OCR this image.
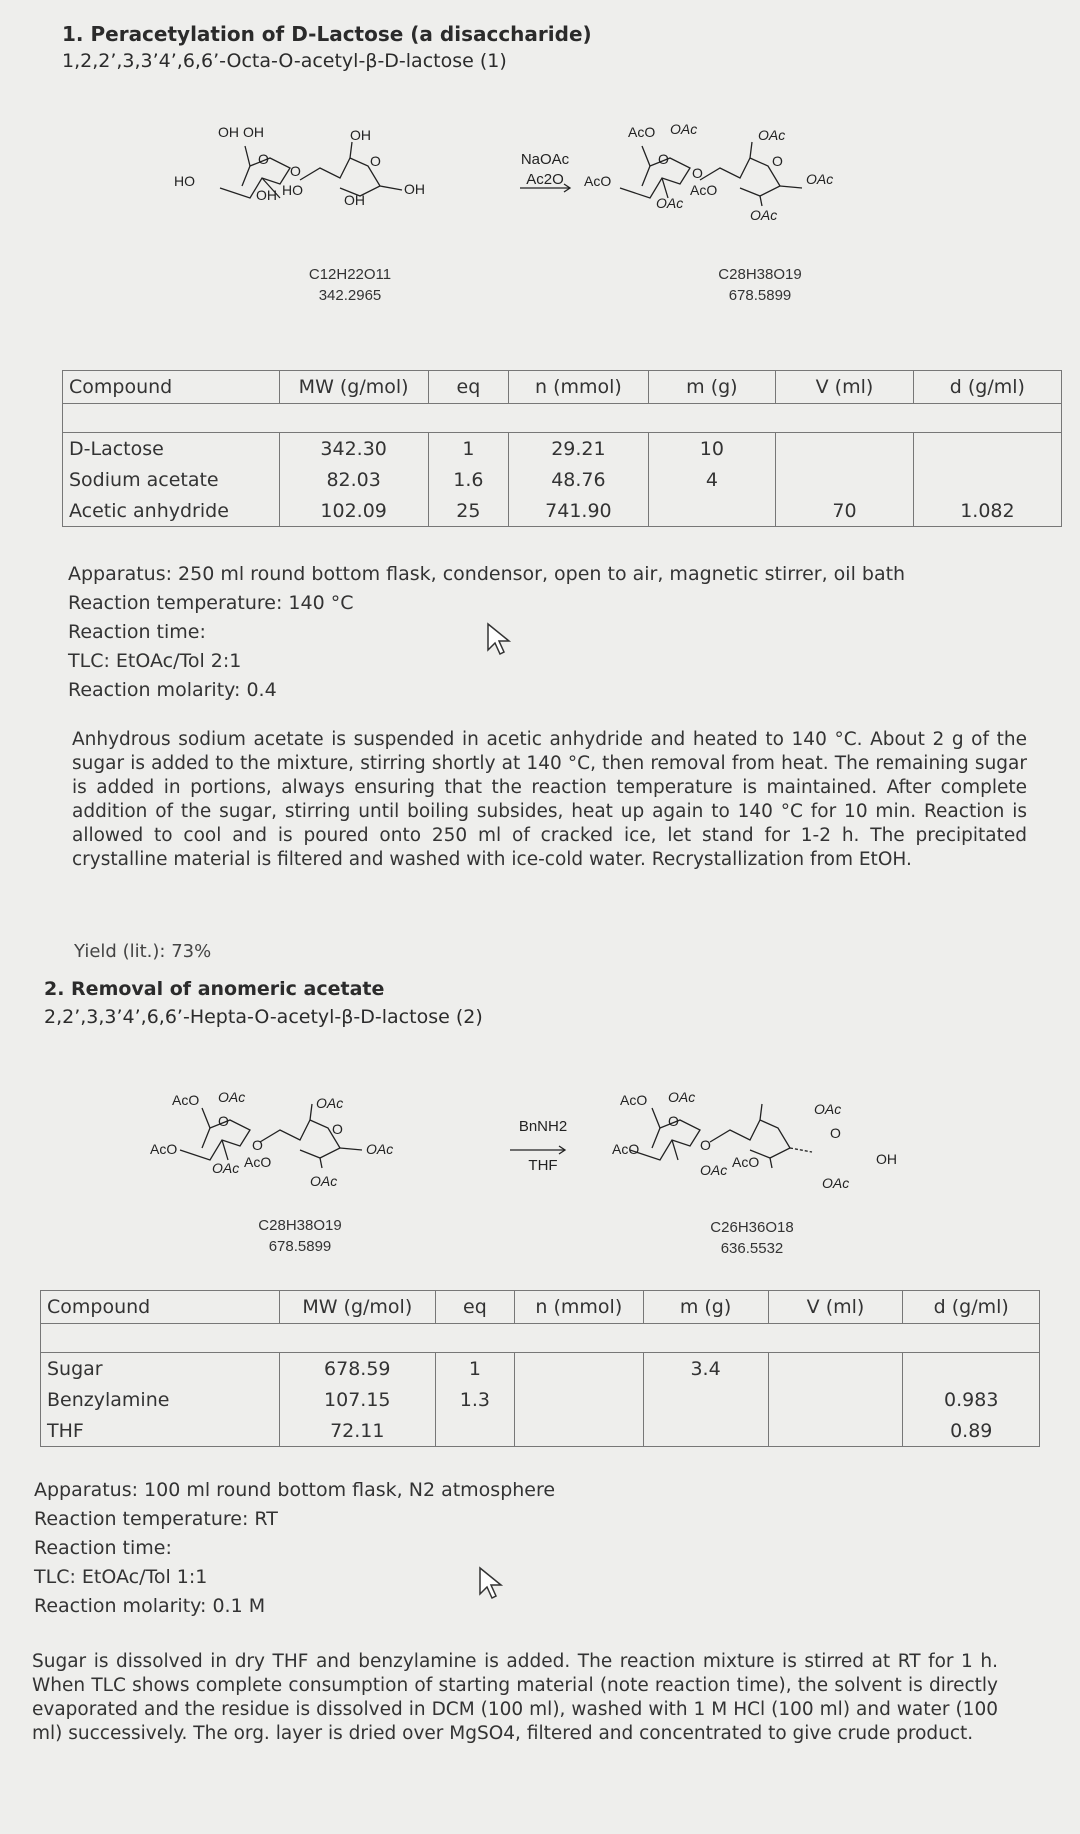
1. Peracetylation of D-Lactose (a disaccharide)
1,2,2’,3,3’4’,6,6’-Octa-O-acetyl-β-D-lactose (1)
OH OH
HO
O
OH HO
O
OH
O
OH
OH
AcO OAc
AcO
O
OAc
AcO
O
OAc
O
OAc
OAc
NaOAc
Ac2O
C12H22O11
342.2965
C28H38O19
678.5899
Compound	MW (g/mol)	eq	n (mmol)	m (g)	V (ml)	d (g/ml)

D-Lactose	342.30	1	29.21	10		
Sodium acetate	82.03	1.6	48.76	4		
Acetic anhydride	102.09	25	741.90		70	1.082
Apparatus: 250 ml round bottom flask, condensor, open to air, magnetic stirrer, oil bath
Reaction temperature: 140 °C
Reaction time:
TLC: EtOAc/Tol 2:1
Reaction molarity: 0.4
Anhydrous sodium acetate is suspended in acetic anhydride and heated to 140 °C. About 2 g of the sugar is added to the mixture, stirring shortly at 140 °C, then removal from heat. The remaining sugar is added in portions, always ensuring that the reaction temperature is maintained. After complete addition of the sugar, stirring until boiling subsides, heat up again to 140 °C for 10 min. Reaction is allowed to cool and is poured onto 250 ml of cracked ice, let stand for 1-2 h. The precipitated crystalline material is filtered and washed with ice-cold water. Recrystallization from EtOH.
Yield (lit.): 73%
2. Removal of anomeric acetate
2,2’,3,3’4’,6,6’-Hepta-O-acetyl-β-D-lactose (2)
AcO OAc
AcO
O
OAc AcO
O
OAc
O
OAc
OAc
AcO OAc
AcO
O
OAc AcO
O
OAc
O
OH
OAc
BnNH2
THF
C28H38O19
678.5899
C26H36O18
636.5532
Compound	MW (g/mol)	eq	n (mmol)	m (g)	V (ml)	d (g/ml)

Sugar	678.59	1		3.4		
Benzylamine	107.15	1.3				0.983
THF	72.11					0.89
Apparatus: 100 ml round bottom flask, N2 atmosphere
Reaction temperature: RT
Reaction time:
TLC: EtOAc/Tol 1:1
Reaction molarity: 0.1 M
Sugar is dissolved in dry THF and benzylamine is added. The reaction mixture is stirred at RT for 1 h. When TLC shows complete consumption of starting material (note reaction time), the solvent is directly evaporated and the residue is dissolved in DCM (100 ml), washed with 1 M HCl (100 ml) and water (100 ml) successively. The org. layer is dried over MgSO4, filtered and concentrated to give crude product.
